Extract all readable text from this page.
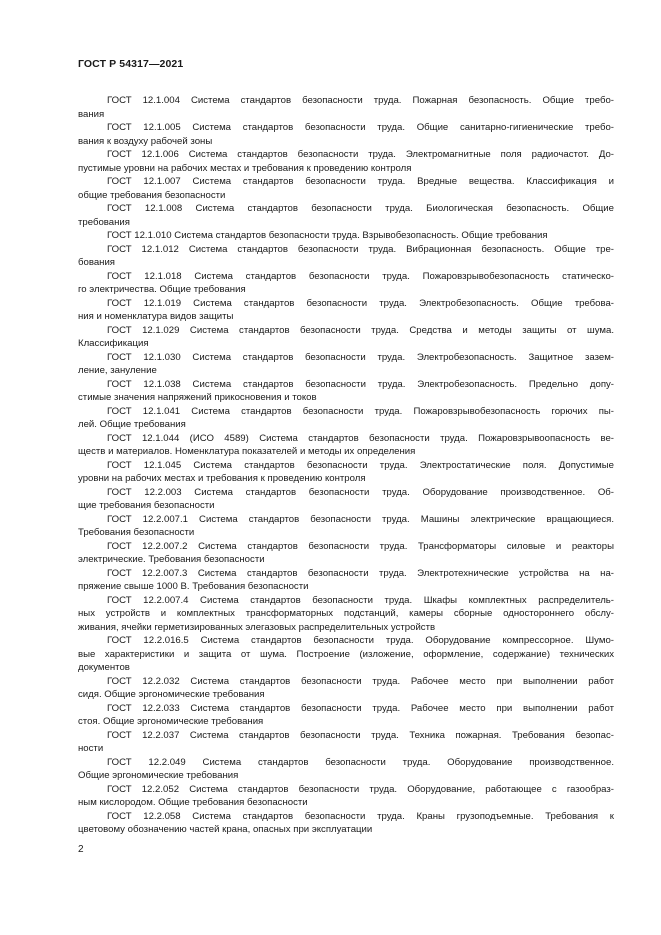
ГОСТ Р 54317—2021
ГОСТ 12.1.004 Система стандартов безопасности труда. Пожарная безопасность. Общие требо-
вания
ГОСТ 12.1.005 Система стандартов безопасности труда. Общие санитарно-гигиенические требо-
вания к воздуху рабочей зоны
ГОСТ 12.1.006 Система стандартов безопасности труда. Электромагнитные поля радиочастот. До-
пустимые уровни на рабочих местах и требования к проведению контроля
ГОСТ 12.1.007 Система стандартов безопасности труда. Вредные вещества. Классификация и
общие требования безопасности
ГОСТ 12.1.008 Система стандартов безопасности труда. Биологическая безопасность. Общие
требования
ГОСТ 12.1.010 Система стандартов безопасности труда. Взрывобезопасность. Общие требования
ГОСТ 12.1.012 Система стандартов безопасности труда. Вибрационная безопасность. Общие тре-
бования
ГОСТ 12.1.018 Система стандартов безопасности труда. Пожаровзрывобезопасность статическо-
го электричества. Общие требования
ГОСТ 12.1.019 Система стандартов безопасности труда. Электробезопасность. Общие требова-
ния и номенклатура видов защиты
ГОСТ 12.1.029 Система стандартов безопасности труда. Средства и методы защиты от шума.
Классификация
ГОСТ 12.1.030 Система стандартов безопасности труда. Электробезопасность. Защитное зазем-
ление, зануление
ГОСТ 12.1.038 Система стандартов безопасности труда. Электробезопасность. Предельно допу-
стимые значения напряжений прикосновения и токов
ГОСТ 12.1.041 Система стандартов безопасности труда. Пожаровзрывобезопасность горючих пы-
лей. Общие требования
ГОСТ 12.1.044 (ИСО 4589) Система стандартов безопасности труда. Пожаровзрывоопасность ве-
ществ и материалов. Номенклатура показателей и методы их определения
ГОСТ 12.1.045 Система стандартов безопасности труда. Электростатические поля. Допустимые
уровни на рабочих местах и требования к проведению контроля
ГОСТ 12.2.003 Система стандартов безопасности труда. Оборудование производственное. Об-
щие требования безопасности
ГОСТ 12.2.007.1 Система стандартов безопасности труда. Машины электрические вращающиеся.
Требования безопасности
ГОСТ 12.2.007.2 Система стандартов безопасности труда. Трансформаторы силовые и реакторы
электрические. Требования безопасности
ГОСТ 12.2.007.3 Система стандартов безопасности труда. Электротехнические устройства на на-
пряжение свыше 1000 В. Требования безопасности
ГОСТ 12.2.007.4 Система стандартов безопасности труда. Шкафы комплектных распределитель-
ных устройств и комплектных трансформаторных подстанций, камеры сборные одностороннего обслу-
живания, ячейки герметизированных элегазовых распределительных устройств
ГОСТ 12.2.016.5 Система стандартов безопасности труда. Оборудование компрессорное. Шумо-
вые характеристики и защита от шума. Построение (изложение, оформление, содержание) технических
документов
ГОСТ 12.2.032 Система стандартов безопасности труда. Рабочее место при выполнении работ
сидя. Общие эргономические требования
ГОСТ 12.2.033 Система стандартов безопасности труда. Рабочее место при выполнении работ
стоя. Общие эргономические требования
ГОСТ 12.2.037 Система стандартов безопасности труда. Техника пожарная. Требования безопас-
ности
ГОСТ 12.2.049 Система стандартов безопасности труда. Оборудование производственное.
Общие эргономические требования
ГОСТ 12.2.052 Система стандартов безопасности труда. Оборудование, работающее с газообраз-
ным кислородом. Общие требования безопасности
ГОСТ 12.2.058 Система стандартов безопасности труда. Краны грузоподъемные. Требования к
цветовому обозначению частей крана, опасных при эксплуатации
2
